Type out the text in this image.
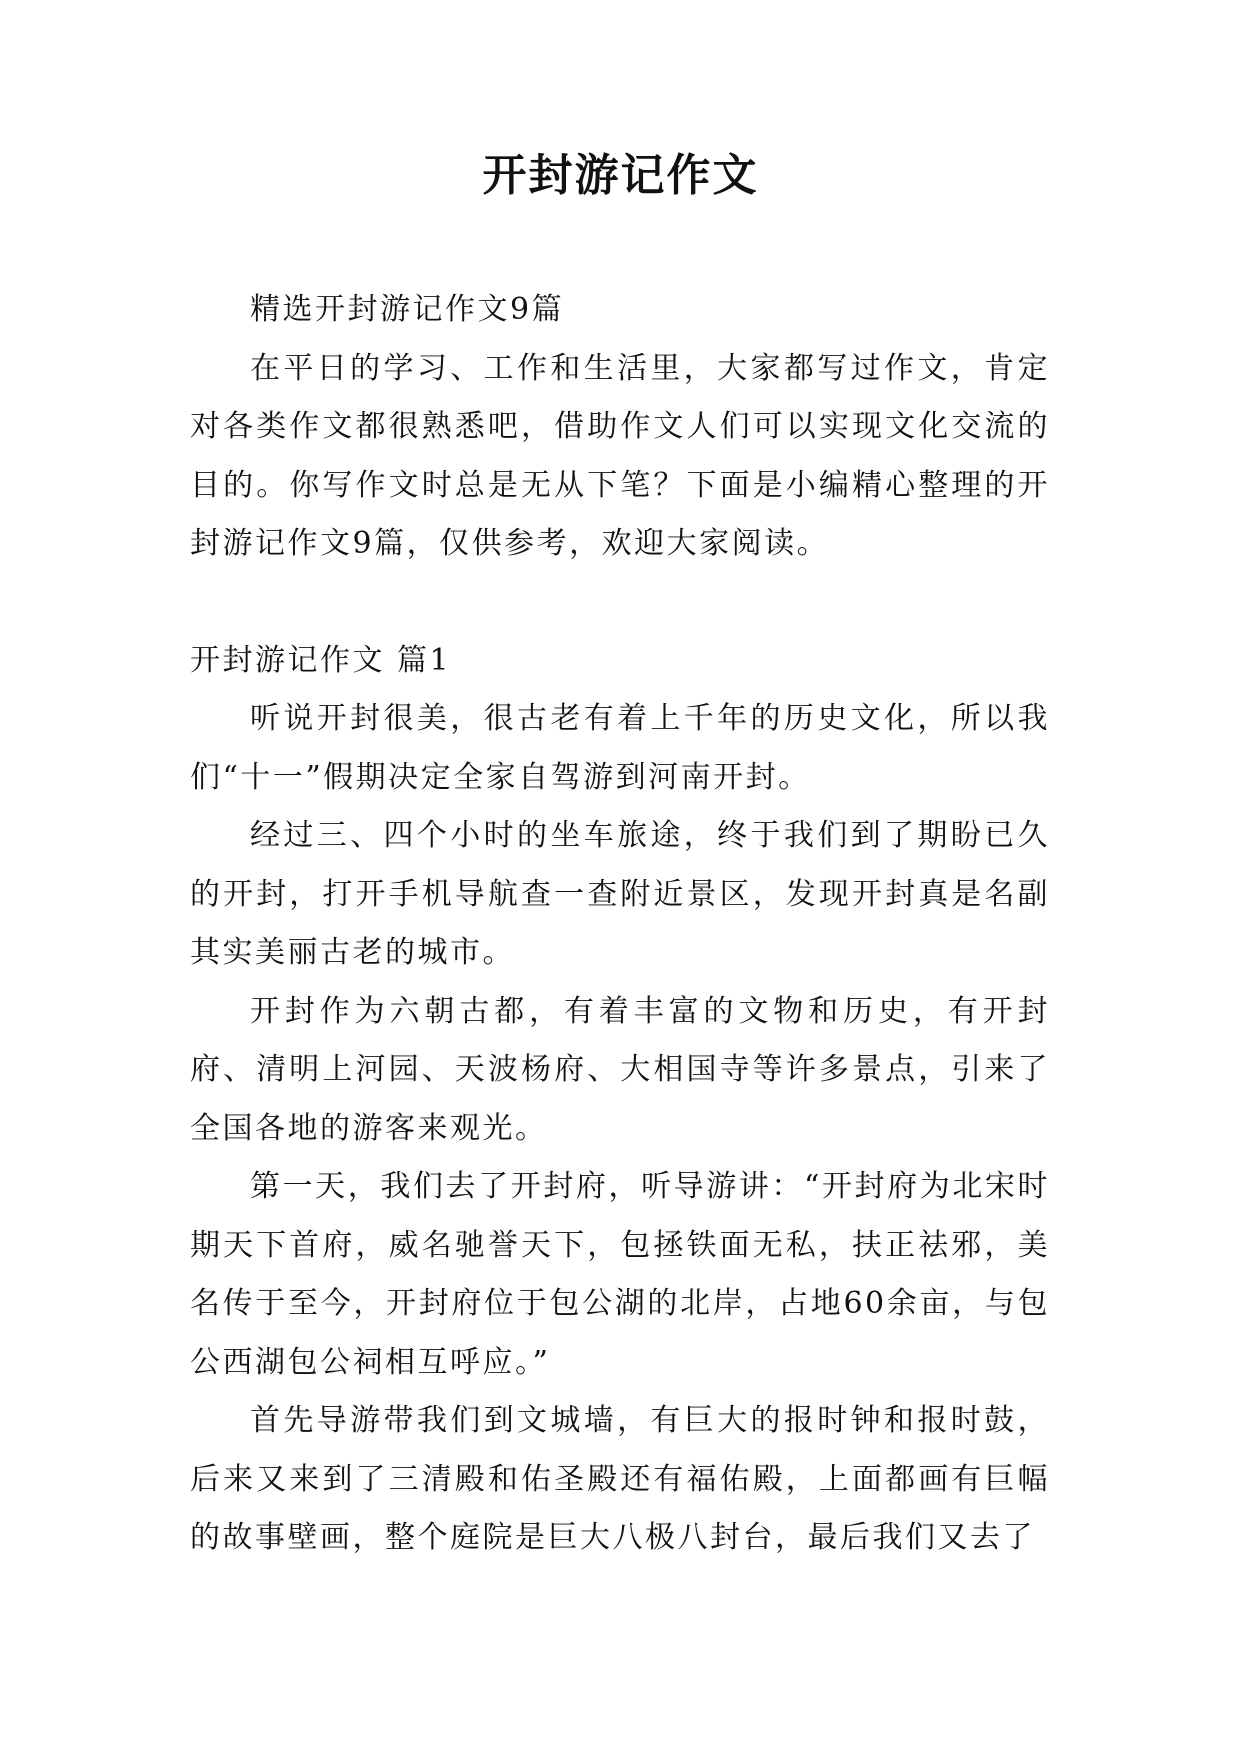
开封游记作文

精选开封游记作文9篇

在平日的学习、工作和生活里，大家都写过作文，肯定对各类作文都很熟悉吧，借助作文人们可以实现文化交流的目的。你写作文时总是无从下笔？下面是小编精心整理的开封游记作文9篇，仅供参考，欢迎大家阅读。

开封游记作文 篇1

听说开封很美，很古老有着上千年的历史文化，所以我们“十一”假期决定全家自驾游到河南开封。

经过三、四个小时的坐车旅途，终于我们到了期盼已久的开封，打开手机导航查一查附近景区，发现开封真是名副其实美丽古老的城市。

开封作为六朝古都，有着丰富的文物和历史，有开封府、清明上河园、天波杨府、大相国寺等许多景点，引来了全国各地的游客来观光。

第一天，我们去了开封府，听导游讲：“开封府为北宋时期天下首府，威名驰誉天下，包拯铁面无私，扶正祛邪，美名传于至今，开封府位于包公湖的北岸，占地60余亩，与包公西湖包公祠相互呼应。”

首先导游带我们到文城墙，有巨大的报时钟和报时鼓，后来又来到了三清殿和佑圣殿还有福佑殿，上面都画有巨幅的故事壁画，整个庭院是巨大八极八封台，最后我们又去了
